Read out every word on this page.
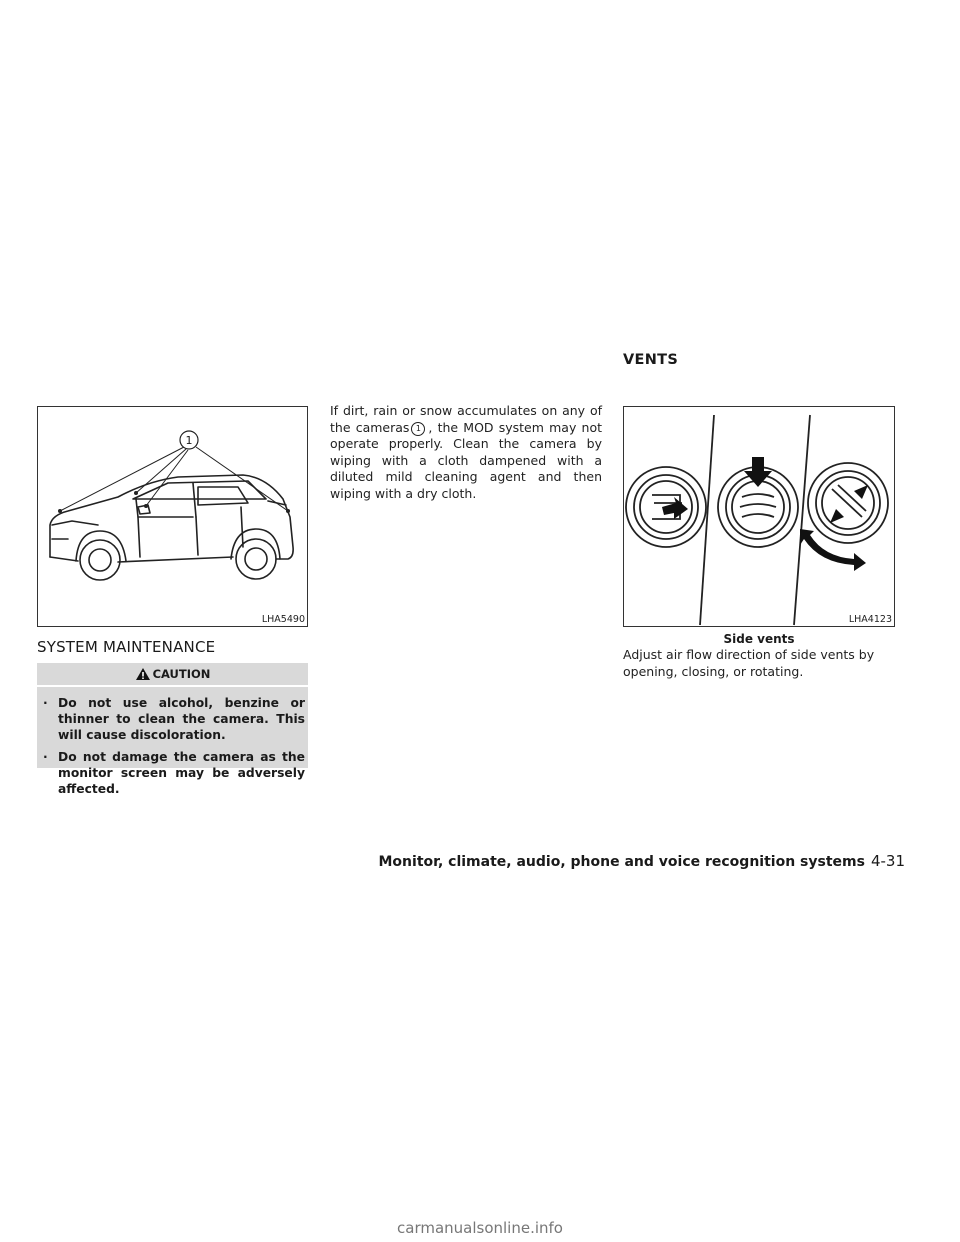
VENTS
1
LHA5490
SYSTEM MAINTENANCE
CAUTION
· Do not use alcohol, benzine or thinner to clean the camera. This will cause discoloration.
· Do not damage the camera as the monitor screen may be adversely affected.
If dirt, rain or snow accumulates on any of the cameras 1 , the MOD system may not operate properly. Clean the camera by wiping with a cloth dampened with a diluted mild cleaning agent and then wiping with a dry cloth.
LHA4123
Side vents
Adjust air flow direction of side vents by opening, closing, or rotating.
Monitor, climate, audio, phone and voice recognition systems 4-31
carmanualsonline.info
